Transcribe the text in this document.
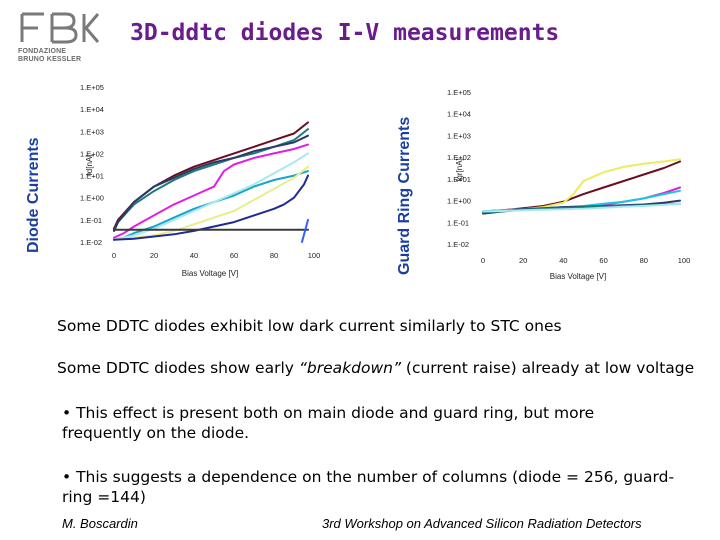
FONDAZIONE
BRUNO KESSLER
3D-ddtc diodes I-V measurements
Diode Currents	Guard Ring Currents
1.E-02
1.E-01
1.E+00
1.E+01
1.E+02
1.E+03
1.E+04
1.E+05
0	20	40	60	80	100
Bias Voltage [V]
Id[nA]
1.E-02
1.E-01
1.E+00
1.E+01
1.E+02
1.E+03
1.E+04
1.E+05
0	20	40	60	80	100
Bias Voltage [V]
Igr[nA]
Some DDTC diodes exhibit low dark current similarly to STC ones
Some DDTC diodes show early “breakdown” (current raise) already at low voltage
• This effect is present both on main diode and guard ring, but more frequently on the diode.
• This suggests a dependence on the number of columns (diode = 256, guard-ring =144)
M. Boscardin	3rd Workshop on Advanced Silicon Radiation Detectors
